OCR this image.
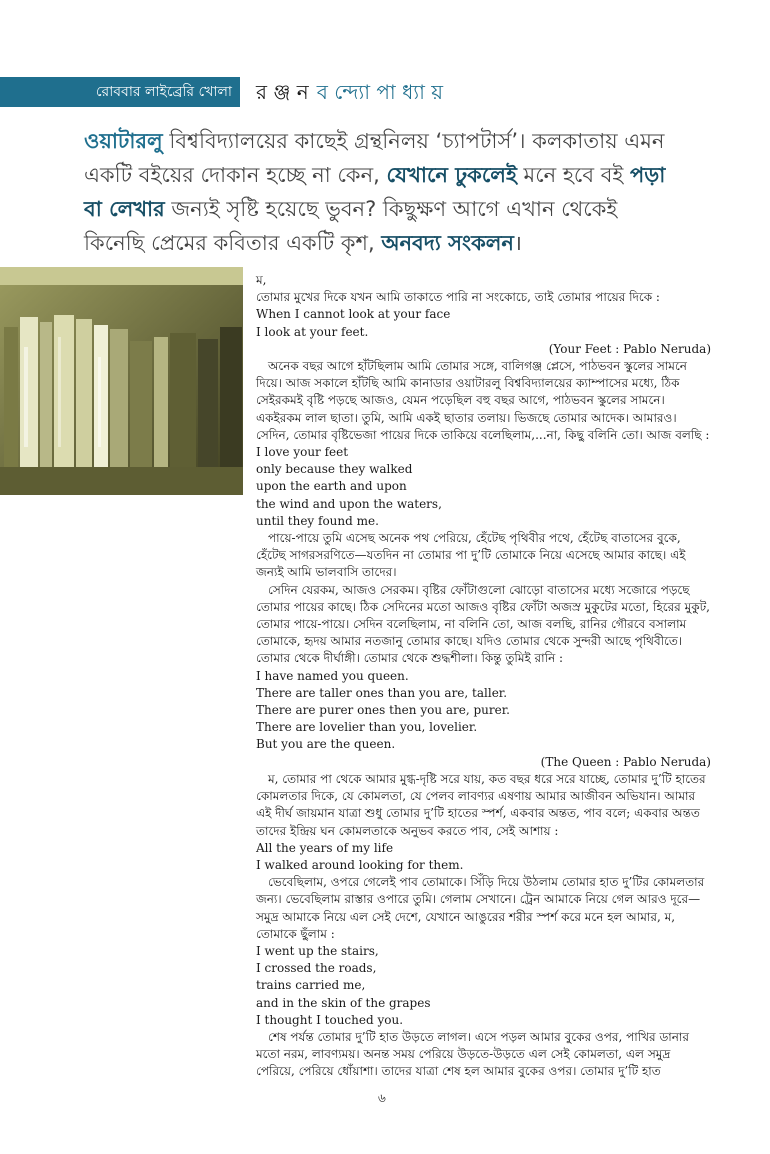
রোববার লাইব্রেরি খোলা	র ঞ্জ ন ব ন্দ্যো পা ধ্যা য়

ওয়াটারলু বিশ্ববিদ্যালয়ের কাছেই গ্রন্থনিলয় ‘চ্যাপটার্স’। কলকাতায় এমন একটি বইয়ের দোকান হচ্ছে না কেন, যেখানে ঢুকলেই মনে হবে বই পড়া বা লেখার জন্যই সৃষ্টি হয়েছে ভুবন? কিছুক্ষণ আগে এখান থেকেই কিনেছি প্রেমের কবিতার একটি কৃশ, অনবদ্য সংকলন।

ম,

তোমার মুখের দিকে যখন আমি তাকাতে পারি না সংকোচে, তাই তোমার পায়ের দিকে :

When I cannot look at your face

I look at your feet.

(Your Feet : Pablo Neruda)

অনেক বছর আগে হাঁটছিলাম আমি তোমার সঙ্গে, বালিগঞ্জ প্লেসে, পাঠভবন স্কুলের সামনে দিয়ে। আজ সকালে হাঁটছি আমি কানাডার ওয়াটারলু বিশ্ববিদ্যালয়ের ক্যাম্পাসের মধ্যে, ঠিক সেইরকমই বৃষ্টি পড়ছে আজও, যেমন পড়েছিল বহু বছর আগে, পাঠভবন স্কুলের সামনে। একইরকম লাল ছাতা। তুমি, আমি একই ছাতার তলায়। ভিজছে তোমার আদেক। আমারও। সেদিন, তোমার বৃষ্টিভেজা পায়ের দিকে তাকিয়ে বলেছিলাম,...না, কিছু বলিনি তো। আজ বলছি :

I love your feet

only because they walked

upon the earth and upon

the wind and upon the waters,

until they found me.

পায়ে-পায়ে তুমি এসেছ অনেক পথ পেরিয়ে, হেঁটেছ পৃথিবীর পথে, হেঁটেছ বাতাসের বুকে, হেঁটেছ সাগরসরণিতে—যতদিন না তোমার পা দু’টি তোমাকে নিয়ে এসেছে আমার কাছে। এই জন্যই আমি ভালবাসি তাদের।

সেদিন যেরকম, আজও সেরকম। বৃষ্টির ফোঁটাগুলো ঝোড়ো বাতাসের মধ্যে সজোরে পড়ছে তোমার পায়ের কাছে। ঠিক সেদিনের মতো আজও বৃষ্টির ফোঁটা অজস্র মুকুটের মতো, হিরের মুকুট, তোমার পায়ে-পায়ে। সেদিন বলেছিলাম, না বলিনি তো, আজ বলছি, রানির গৌরবে বসালাম তোমাকে, হৃদয় আমার নতজানু তোমার কাছে। যদিও তোমার থেকে সুন্দরী আছে পৃথিবীতে। তোমার থেকে দীর্ঘাঙ্গী। তোমার থেকে শুদ্ধশীলা। কিন্তু তুমিই রানি :

I have named you queen.

There are taller ones than you are, taller.

There are purer ones then you are, purer.

There are lovelier than you, lovelier.

But you are the queen.

(The Queen : Pablo Neruda)

ম, তোমার পা থেকে আমার মুগ্ধ-দৃষ্টি সরে যায়, কত বছর ধরে সরে যাচ্ছে, তোমার দু’টি হাতের কোমলতার দিকে, যে কোমলতা, যে পেলব লাবণ্যর এষণায় আমার আজীবন অভিযান। আমার এই দীর্ঘ জায়মান যাত্রা শুধু তোমার দু’টি হাতের স্পর্শ, একবার অন্তত, পাব বলে; একবার অন্তত তাদের ইন্দ্রিয় ঘন কোমলতাকে অনুভব করতে পাব, সেই আশায় :

All the years of my life

I walked around looking for them.

ভেবেছিলাম, ওপরে গেলেই পাব তোমাকে। সিঁড়ি দিয়ে উঠলাম তোমার হাত দু’টির কোমলতার জন্য। ভেবেছিলাম রাস্তার ওপারে তুমি। গেলাম সেখানে। ট্রেন আমাকে নিয়ে গেল আরও দূরে—সমুদ্র আমাকে নিয়ে এল সেই দেশে, যেখানে আঙুরের শরীর স্পর্শ করে মনে হল আমার, ম, তোমাকে ছুঁলাম :

I went up the stairs,

I crossed the roads,

trains carried me,

and in the skin of the grapes

I thought I touched you.

শেষ পর্যন্ত তোমার দু’টি হাত উড়তে লাগল। এসে পড়ল আমার বুকের ওপর, পাখির ডানার মতো নরম, লাবণ্যময়। অনন্ত সময় পেরিয়ে উড়তে-উড়তে এল সেই কোমলতা, এল সমুদ্র পেরিয়ে, পেরিয়ে ধোঁয়াশা। তাদের যাত্রা শেষ হল আমার বুকের ওপর। তোমার দু’টি হাত

৬
